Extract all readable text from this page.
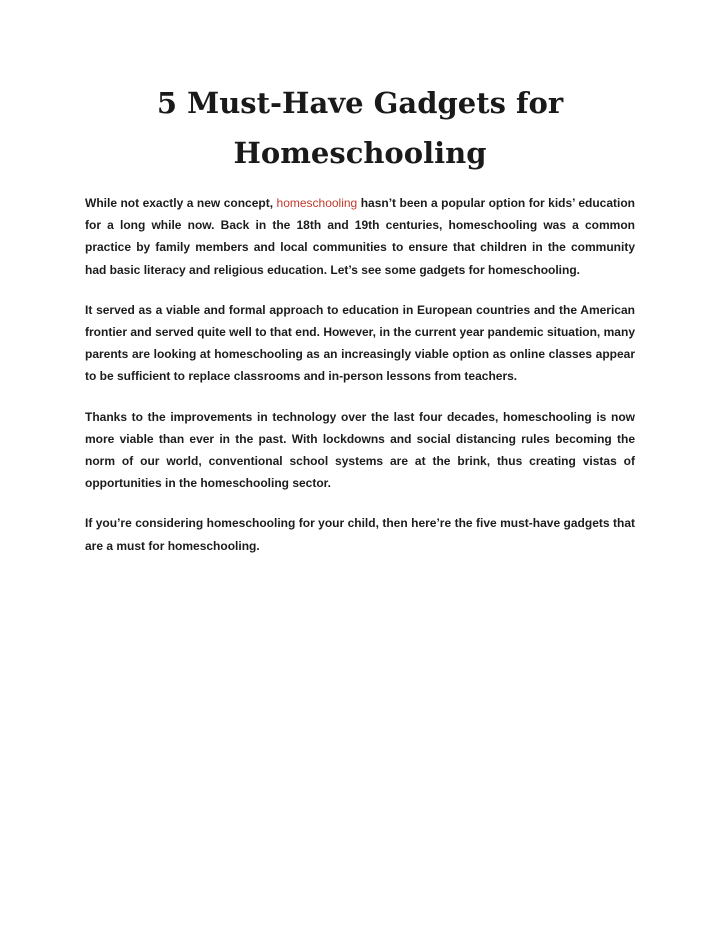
5 Must-Have Gadgets for
Homeschooling

While not exactly a new concept, homeschooling hasn’t been a popular option for kids’ education for a long while now. Back in the 18th and 19th centuries, homeschooling was a common practice by family members and local communities to ensure that children in the community had basic literacy and religious education. Let’s see some gadgets for homeschooling.

It served as a viable and formal approach to education in European countries and the American frontier and served quite well to that end. However, in the current year pandemic situation, many parents are looking at homeschooling as an increasingly viable option as online classes appear to be sufficient to replace classrooms and in-person lessons from teachers.

Thanks to the improvements in technology over the last four decades, homeschooling is now more viable than ever in the past. With lockdowns and social distancing rules becoming the norm of our world, conventional school systems are at the brink, thus creating vistas of opportunities in the homeschooling sector.

If you’re considering homeschooling for your child, then here’re the five must-have gadgets that are a must for homeschooling.
